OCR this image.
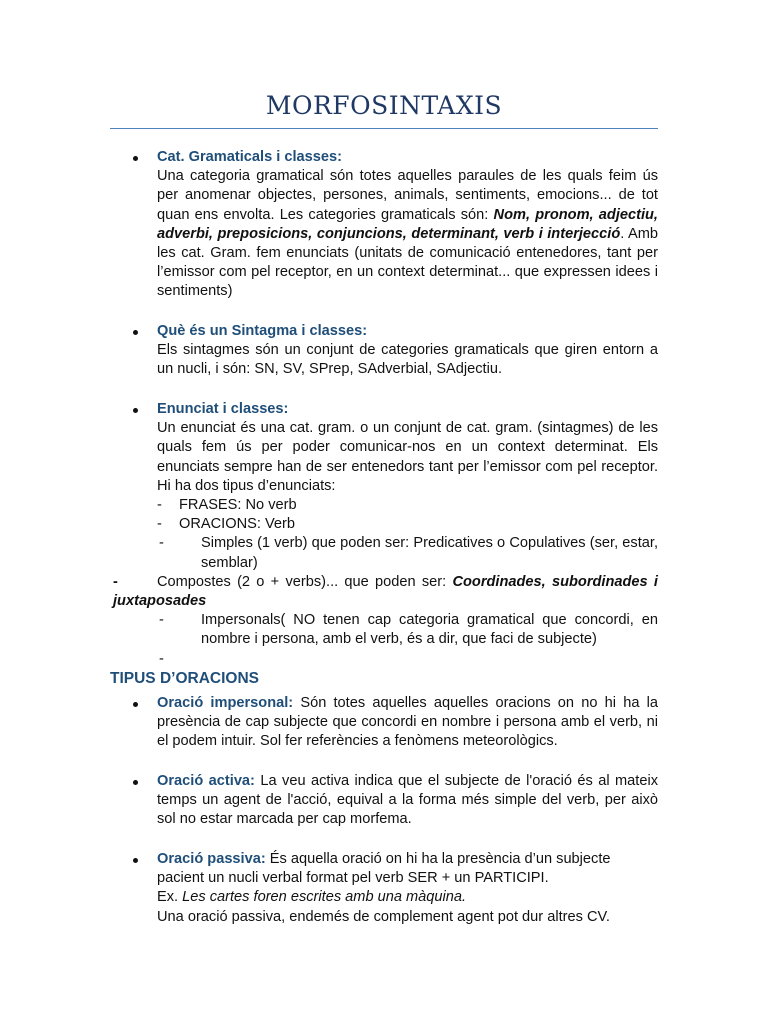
MORFOSINTAXIS
Cat. Gramaticals i classes:
Una categoria gramatical són totes aquelles paraules de les quals feim ús per anomenar objectes, persones, animals, sentiments, emocions... de tot quan ens envolta. Les categories gramaticals són: Nom, pronom, adjectiu, adverbi, preposicions, conjuncions, determinant, verb i interjecció. Amb les cat. Gram. fem enunciats (unitats de comunicació entenedores, tant per l’emissor com pel receptor, en un context determinat... que expressen idees i sentiments)
Què és un Sintagma i classes:
Els sintagmes són un conjunt de categories gramaticals que giren entorn a un nucli, i són: SN, SV, SPrep, SAdverbial, SAdjectiu.
Enunciat i classes:
Un enunciat és una cat. gram. o un conjunt de cat. gram. (sintagmes) de les quals fem ús per poder comunicar-nos en un context determinat. Els enunciats sempre han de ser entenedors tant per l’emissor com pel receptor. Hi ha dos tipus d’enunciats:
- FRASES: No verb
- ORACIONS: Verb
-	Simples (1 verb) que poden ser: Predicatives o Copulatives (ser, estar, semblar)
-	Compostes (2 o + verbs)... que poden ser: Coordinades, subordinades i juxtaposades
-	Impersonals( NO tenen cap categoria gramatical que concordi, en nombre i persona, amb el verb, és a dir, que faci de subjecte)
-
TIPUS D’ORACIONS
Oració impersonal: Són totes aquelles aquelles oracions on no hi ha la presència de cap subjecte que concordi en nombre i persona amb el verb, ni el podem intuir. Sol fer referències a fenòmens meteorològics.
Oració activa: La veu activa indica que el subjecte de l'oració és al mateix temps un agent de l'acció, equival a la forma més simple del verb, per això sol no estar marcada per cap morfema.
Oració passiva: És aquella oració on hi ha la presència d’un subjecte pacient un nucli verbal format pel verb SER + un PARTICIPI.
Ex. Les cartes foren escrites amb una màquina.
Una oració passiva, endemés de complement agent pot dur altres CV.
